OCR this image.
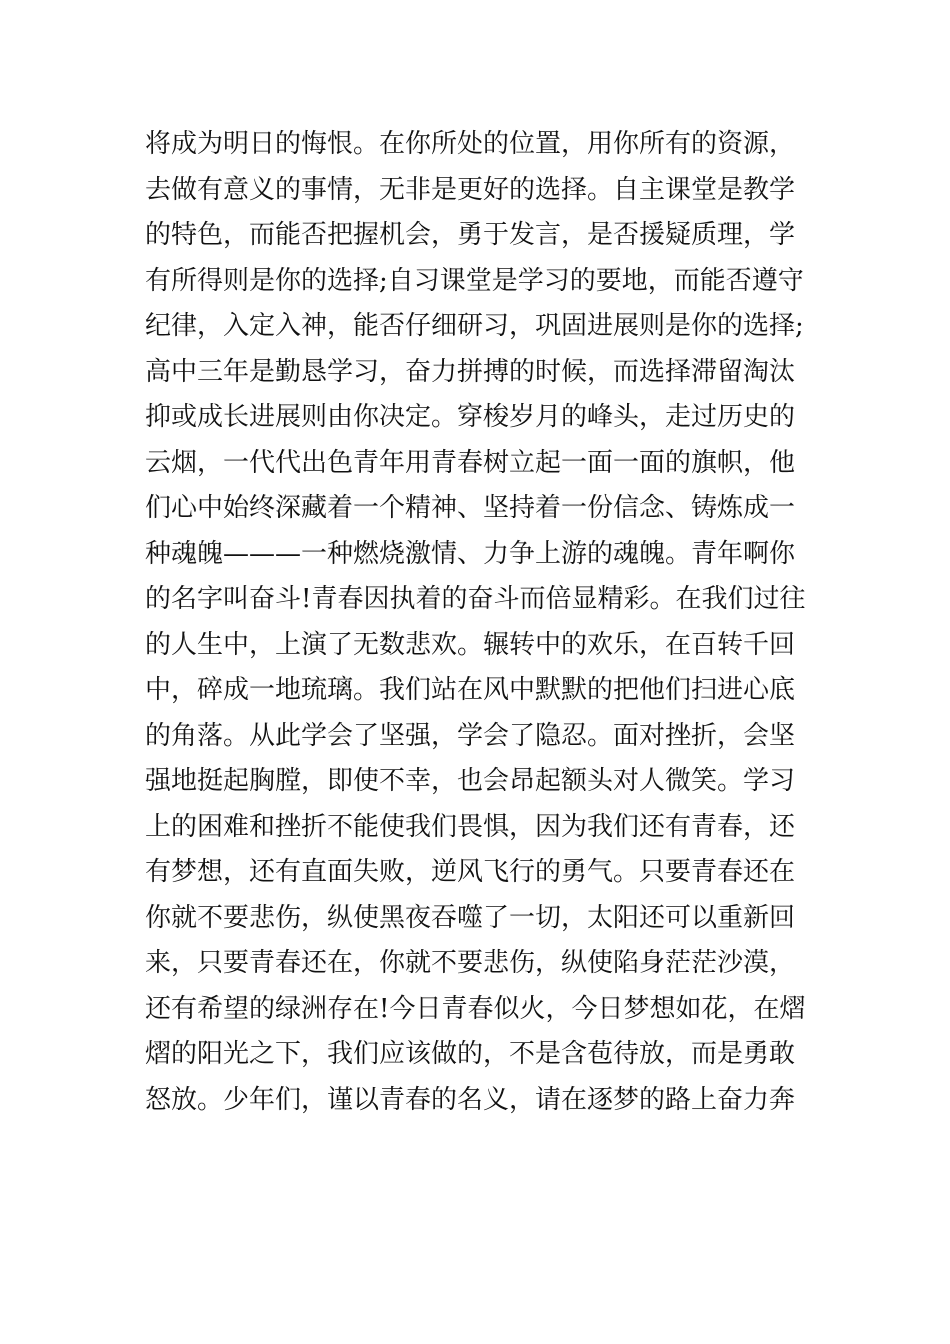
将成为明日的悔恨。在你所处的位置，用你所有的资源，
去做有意义的事情，无非是更好的选择。自主课堂是教学
的特色，而能否把握机会，勇于发言，是否援疑质理，学
有所得则是你的选择;自习课堂是学习的要地，而能否遵守
纪律，入定入神，能否仔细研习，巩固进展则是你的选择;
高中三年是勤恳学习，奋力拼搏的时候，而选择滞留淘汰
抑或成长进展则由你决定。穿梭岁月的峰头，走过历史的
云烟，一代代出色青年用青春树立起一面一面的旗帜，他
们心中始终深藏着一个精神、坚持着一份信念、铸炼成一
种魂魄———一种燃烧激情、力争上游的魂魄。青年啊你
的名字叫奋斗!青春因执着的奋斗而倍显精彩。在我们过往
的人生中，上演了无数悲欢。辗转中的欢乐，在百转千回
中，碎成一地琉璃。我们站在风中默默的把他们扫进心底
的角落。从此学会了坚强，学会了隐忍。面对挫折，会坚
强地挺起胸膛，即使不幸，也会昂起额头对人微笑。学习
上的困难和挫折不能使我们畏惧，因为我们还有青春，还
有梦想，还有直面失败，逆风飞行的勇气。只要青春还在
你就不要悲伤，纵使黑夜吞噬了一切，太阳还可以重新回
来，只要青春还在，你就不要悲伤，纵使陷身茫茫沙漠，
还有希望的绿洲存在!今日青春似火，今日梦想如花，在熠
熠的阳光之下，我们应该做的，不是含苞待放，而是勇敢
怒放。少年们，谨以青春的名义，请在逐梦的路上奋力奔
